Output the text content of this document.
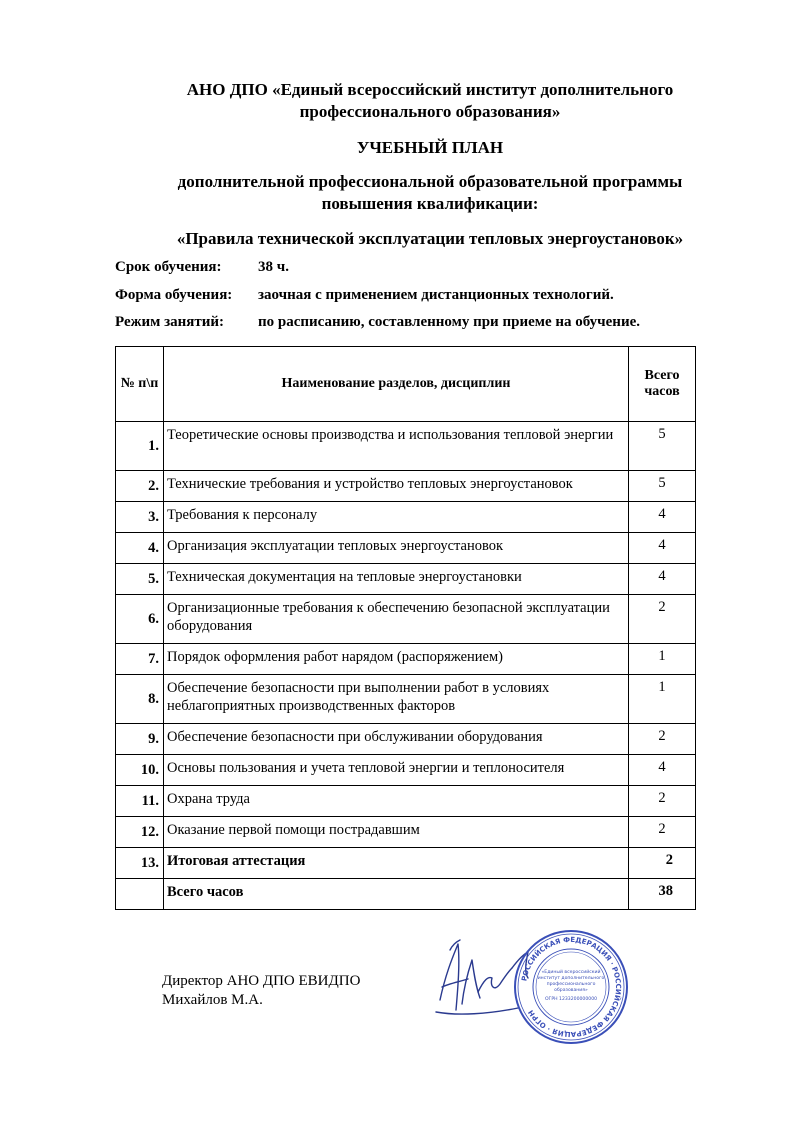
АНО ДПО «Единый всероссийский институт дополнительного
профессионального образования»
УЧЕБНЫЙ ПЛАН
дополнительной профессиональной образовательной программы
повышения квалификации:
«Правила технической эксплуатации тепловых энергоустановок»
Срок обучения: 38 ч.
Форма обучения: заочная с применением дистанционных технологий.
Режим занятий: по расписанию, составленному при приеме на обучение.
№ п\п	Наименование разделов, дисциплин	Всего
часов

1.	Теоретические основы производства и использования тепловой энергии	5
2.	Технические требования и устройство тепловых энергоустановок	5
3.	Требования к персоналу	4
4.	Организация эксплуатации тепловых энергоустановок	4
5.	Техническая документация на тепловые энергоустановки	4
6.	Организационные требования к обеспечению безопасной эксплуатации оборудования	2
7.	Порядок оформления работ нарядом (распоряжением)	1
8.	Обеспечение безопасности при выполнении работ в условиях неблагоприятных производственных факторов	1
9.	Обеспечение безопасности при обслуживании оборудования	2
10.	Основы пользования и учета тепловой энергии и теплоносителя	4
11.	Охрана труда	2
12.	Оказание первой помощи пострадавшим	2
13.	Итоговая аттестация	2
	Всего часов	38
Директор АНО ДПО ЕВИДПО
Михайлов М.А.
РОССИЙСКАЯ ФЕДЕРАЦИЯ · РОССИЙСКАЯ ФЕДЕРАЦИЯ · ОГРН
«Единый всероссийский
институт дополнительного
профессионального
образования»
ОГРН 1233200000000
